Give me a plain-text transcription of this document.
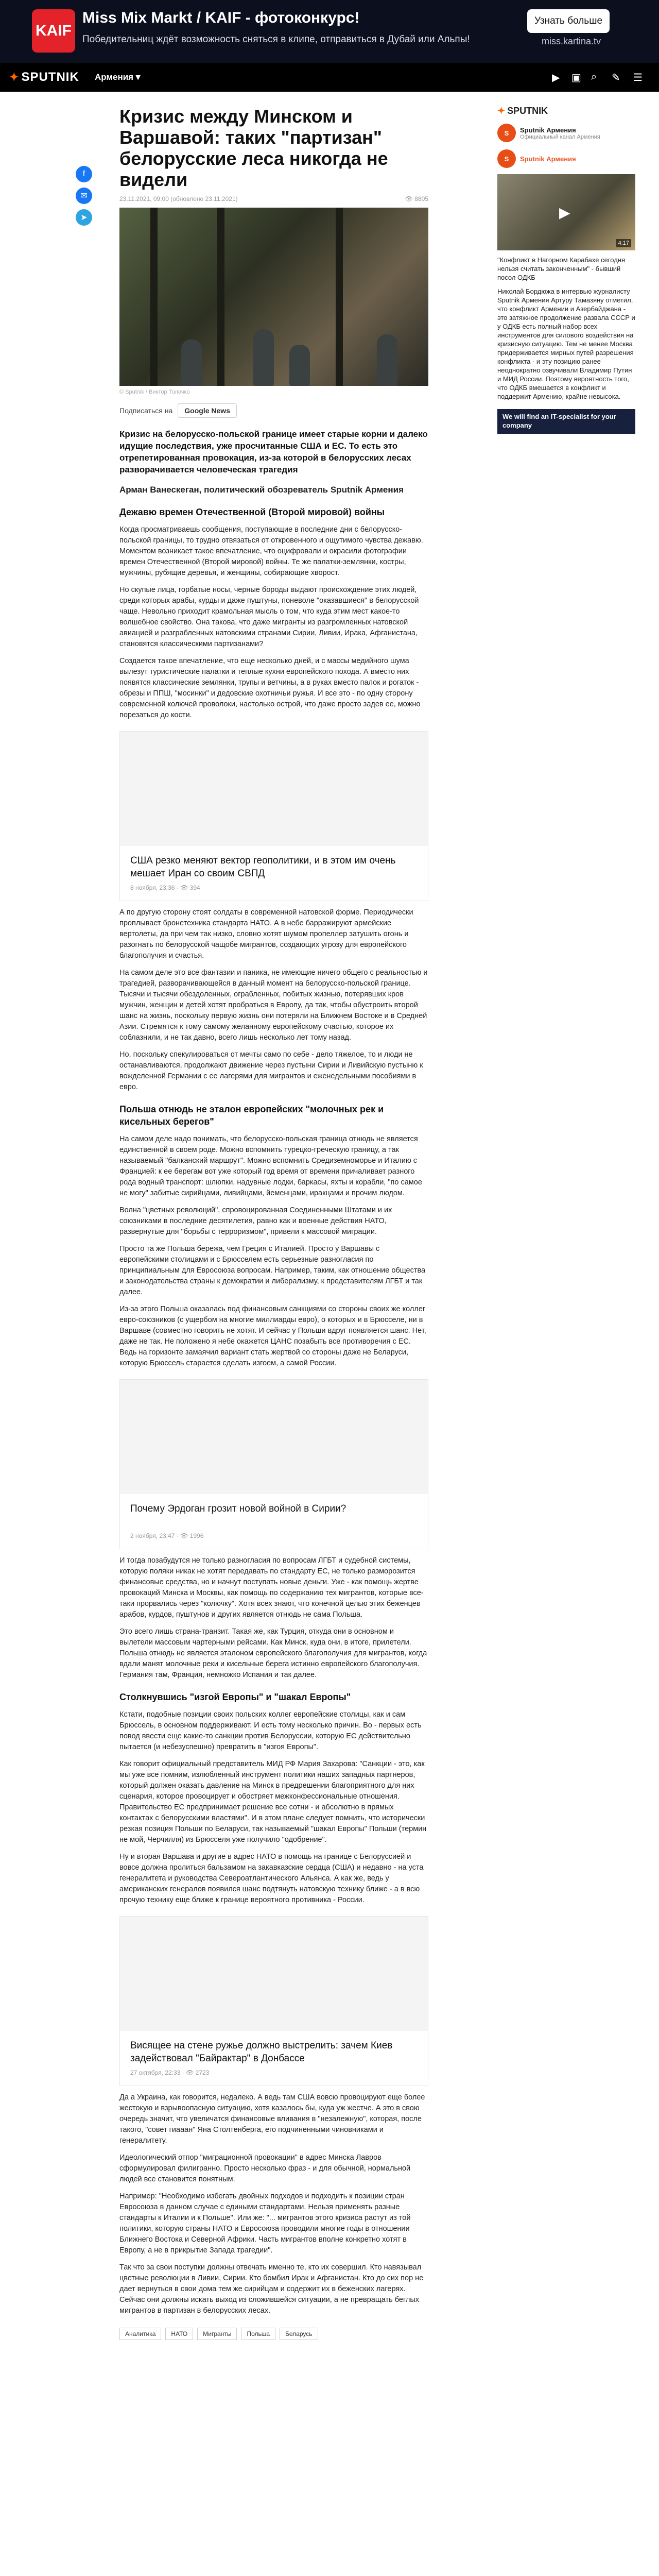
KAIF
Miss Mix Markt / KAIF - фотоконкурс!
Победительниц ждёт возможность сняться в клипе, отправиться в Дубай или Альпы!
Узнать больше
miss.kartina.tv
✦ SPUTNIK Армения ▾	▶ ▣ ⌕ ✎ ☰
f
✉
➤
Кризис между Минском и Варшавой: таких "партизан" белорусские леса никогда не видели
23.11.2021, 09:00 (обновлено 23.11.2021)	👁 8805
© Sputnik / Виктор Толочко
Подписаться на	Google News
Кризис на белорусско-польской границе имеет старые корни и далеко идущие последствия, уже просчитанные США и ЕС. То есть это отрепетированная провокация, из-за которой в белорусских лесах разворачивается человеческая трагедия
Арман Ванескеган, политический обозреватель Sputnik Армения
Дежавю времен Отечественной (Второй мировой) войны
Когда просматриваешь сообщения, поступающие в последние дни с белорусско-польской границы, то трудно отвязаться от откровенного и ощутимого чувства дежавю. Моментом возникает такое впечатление, что оцифровали и окрасили фотографии времен Отечественной (Второй мировой) войны. Те же палатки-землянки, костры, мужчины, рубящие деревья, и женщины, собирающие хворост.
Но скупые лица, горбатые носы, черные бороды выдают происхождение этих людей, среди которых арабы, курды и даже пуштуны, поневоле "оказавшиеся" в белорусской чаще. Невольно приходит крамольная мысль о том, что куда этим мест какое-то волшебное свойство. Она такова, что даже мигранты из разгромленных натовской авиацией и разграбленных натовскими странами Сирии, Ливии, Ирака, Афганистана, становятся классическими партизанами?
Создается такое впечатление, что еще несколько дней, и с массы медийного шума вылезут туристические палатки и теплые кухни европейского похода. А вместо них появятся классические землянки, трупы и ветчины, а в руках вместо палок и рогаток - обрезы и ППШ, "мосинки" и дедовские охотничьи ружья. И все это - по одну сторону современной колючей проволоки, настолько острой, что даже просто задев ее, можно порезаться до кости.
США резко меняют вектор геополитики, и в этом им очень мешает Иран со своим СВПД
8 ноября, 23:36 · 👁 394
А по другую сторону стоят солдаты в современной натовской форме. Периодически проплывает бронетехника стандарта НАТО. А в небе барражируют армейские вертолеты, да при чем так низко, словно хотят шумом пропеллер затушить огонь и разогнать по белорусской чащобе мигрантов, создающих угрозу для европейского благополучия и счастья.
На самом деле это все фантазии и паника, не имеющие ничего общего с реальностью и трагедией, разворачивающейся в данный момент на белорусско-польской границе. Тысячи и тысячи обездоленных, ограбленных, побитых жизнью, потерявших кров мужчин, женщин и детей хотят пробраться в Европу, да так, чтобы обустроить второй шанс на жизнь, поскольку первую жизнь они потеряли на Ближнем Востоке и в Средней Азии. Стремятся к тому самому желанному европейскому счастью, которое их соблазнили, и не так давно, всего лишь несколько лет тому назад.
Но, поскольку спекулироваться от мечты само по себе - дело тяжелое, то и люди не останавливаются, продолжают движение через пустыни Сирии и Ливийскую пустыню к вожделенной Германии с ее лагерями для мигрантов и еженедельными пособиями в евро.
Польша отнюдь не эталон европейских "молочных рек и кисельных берегов"
На самом деле надо понимать, что белорусско-польская граница отнюдь не является единственной в своем роде. Можно вспомнить турецко-греческую границу, а так называемый "балканский маршрут". Можно вспомнить Средиземноморье и Италию с Францией: к ее берегам вот уже который год время от времени причаливает разного рода водный транспорт: шлюпки, надувные лодки, баркасы, яхты и корабли, "по самое не могу" забитые сирийцами, ливийцами, йеменцами, иракцами и прочим людом.
Волна "цветных революций", спровоцированная Соединенными Штатами и их союзниками в последние десятилетия, равно как и военные действия НАТО, развернутые для "борьбы с терроризмом", привели к массовой миграции.
Просто та же Польша бережа, чем Греция с Италией. Просто у Варшавы с европейскими столицами и с Брюсселем есть серьезные разногласия по принципиальным для Евросоюза вопросам. Например, таким, как отношение общества и законодательства страны к демократии и либерализму, к представителям ЛГБТ и так далее.
Из-за этого Польша оказалась под финансовым санкциями со стороны своих же коллег евро-союзников (с ущербом на многие миллиарды евро), о которых и в Брюсселе, ни в Варшаве (совместно говорить не хотят. И сейчас у Польши вдруг появляется шанс. Нет, даже не так. Не положено я небе окажется ЦАНС позабыть все противоречия с ЕС. Ведь на горизонте замаячил вариант стать жертвой со стороны даже не Беларуси, которую Брюссель старается сделать изгоем, а самой России.
Почему Эрдоган грозит новой войной в Сирии?
2 ноября, 23:47 · 👁 1996
И тогда позабудутся не только разногласия по вопросам ЛГБТ и судебной системы, которую поляки никак не хотят передавать по стандарту ЕС, не только разморозится финансовые средства, но и начнут поступать новые деньги. Уже - как помощь жертве провокаций Минска и Москвы, как помощь по содержанию тех мигрантов, которые все-таки прорвались через "колючку". Хотя всех знают, что конечной целью этих беженцев арабов, курдов, пуштунов и других является отнюдь не сама Польша.
Это всего лишь страна-транзит. Такая же, как Турция, откуда они в основном и вылетели массовым чартерными рейсами. Как Минск, куда они, в итоге, прилетели. Польша отнюдь не является эталоном европейского благополучия для мигрантов, когда вдали манят молочные реки и кисельные берега истинно европейского благополучия. Германия там, Франция, немножко Испания и так далее.
Столкнувшись "изгой Европы" и "шакал Европы"
Кстати, подобные позиции своих польских коллег европейские столицы, как и сам Брюссель, в основном поддерживают. И есть тому несколько причин. Во - первых есть повод ввести еще какие-то санкции против Белоруссии, которую ЕС действительно пытается (и небезуспешно) превратить в "изгоя Европы".
Как говорит официальный представитель МИД РФ Мария Захарова: "Санкции - это, как мы уже все помним, излюбленный инструмент политики наших западных партнеров, который должен оказать давление на Минск в предрешении благоприятного для них сценария, которое провоцирует и обостряет межконфессиональные отношения. Правительство ЕС предпринимает решение все сотни - и абсолютно в прямых контактах с белорусскими властями". И в этом плане следует помнить, что исторически резкая позиция Польши по Беларуси, так называемый "шакал Европы" Польши (термин не мой, Черчилля) из Брюсселя уже получило "одобрение".
Ну и вторая Варшава и другие в адрес НАТО в помощь на границе с Белоруссией и вовсе должна пролиться бальзамом на закавказские сердца (США) и недавно - на уста генералитета и руководства Североатлантического Альянса. А как же, ведь у американских генералов появился шанс подтянуть натовскую технику ближе - а в всю прочую технику еще ближе к границе вероятного противника - России.
Висящее на стене ружье должно выстрелить: зачем Киев задействовал "Байрактар" в Донбассе
27 октября, 22:33 · 👁 2723
Да а Украина, как говорится, недалеко. А ведь там США вовсю провоцируют еще более жестокую и взрывоопасную ситуацию, хотя казалось бы, куда уж жестче. А это в свою очередь значит, что увеличатся финансовые вливания в "незалежную", которая, после такого, "совет гиааан" Яна Столтенберга, его подчиненными чиновниками и генералитету.
Идеологический отпор "миграционной провокации" в адрес Минска Лавров сформулировал филигранно. Просто несколько фраз - и для обычной, нормальной людей все становится понятным.
Например: "Необходимо избегать двойных подходов и подходить к позиции стран Евросоюза в данном случае с едиными стандартами. Нельзя применять разные стандарты к Италии и к Польше". Или же: "... мигрантов этого кризиса растут из той политики, которую страны НАТО и Евросоюза проводили многие годы в отношении Ближнего Востока и Северной Африки. Часть мигрантов вполне конкретно хотят в Европу, а не в прикрытие Запада трагедии".
Так что за свои поступки должны отвечать именно те, кто их совершил. Кто навязывал цветные революции в Ливии, Сирии. Кто бомбил Ирак и Афганистан. Кто до сих пор не дает вернуться в свои дома тем же сирийцам и содержит их в беженских лагерях. Сейчас они должны искать выход из сложившейся ситуации, а не превращать беглых мигрантов в партизан в белорусских лесах.
Аналитика	НАТО	Мигранты	Польша	Беларусь
✦ SPUTNIK
S	Sputnik Армения
Официальный канал Армения
S	Sputnik Армения
▶
4:17
"Конфликт в Нагорном Карабахе сегодня нельзя считать законченным" - бывший посол ОДКБ
Николай Бордюжа в интервью журналисту Sputnik Армения Артуру Тамазяну отметил, что конфликт Армении и Азербайджана - это затяжное продолжение развала СССР и у ОДКБ есть полный набор всех инструментов для силового воздействия на кризисную ситуацию. Тем не менее Москва придерживается мирных путей разрешения конфликта - и эту позицию ранее неоднократно озвучивали Владимир Путин и МИД России. Поэтому вероятность того, что ОДКБ вмешается в конфликт и поддержит Армению, крайне невысока.
We will find an IT-specialist for your company
